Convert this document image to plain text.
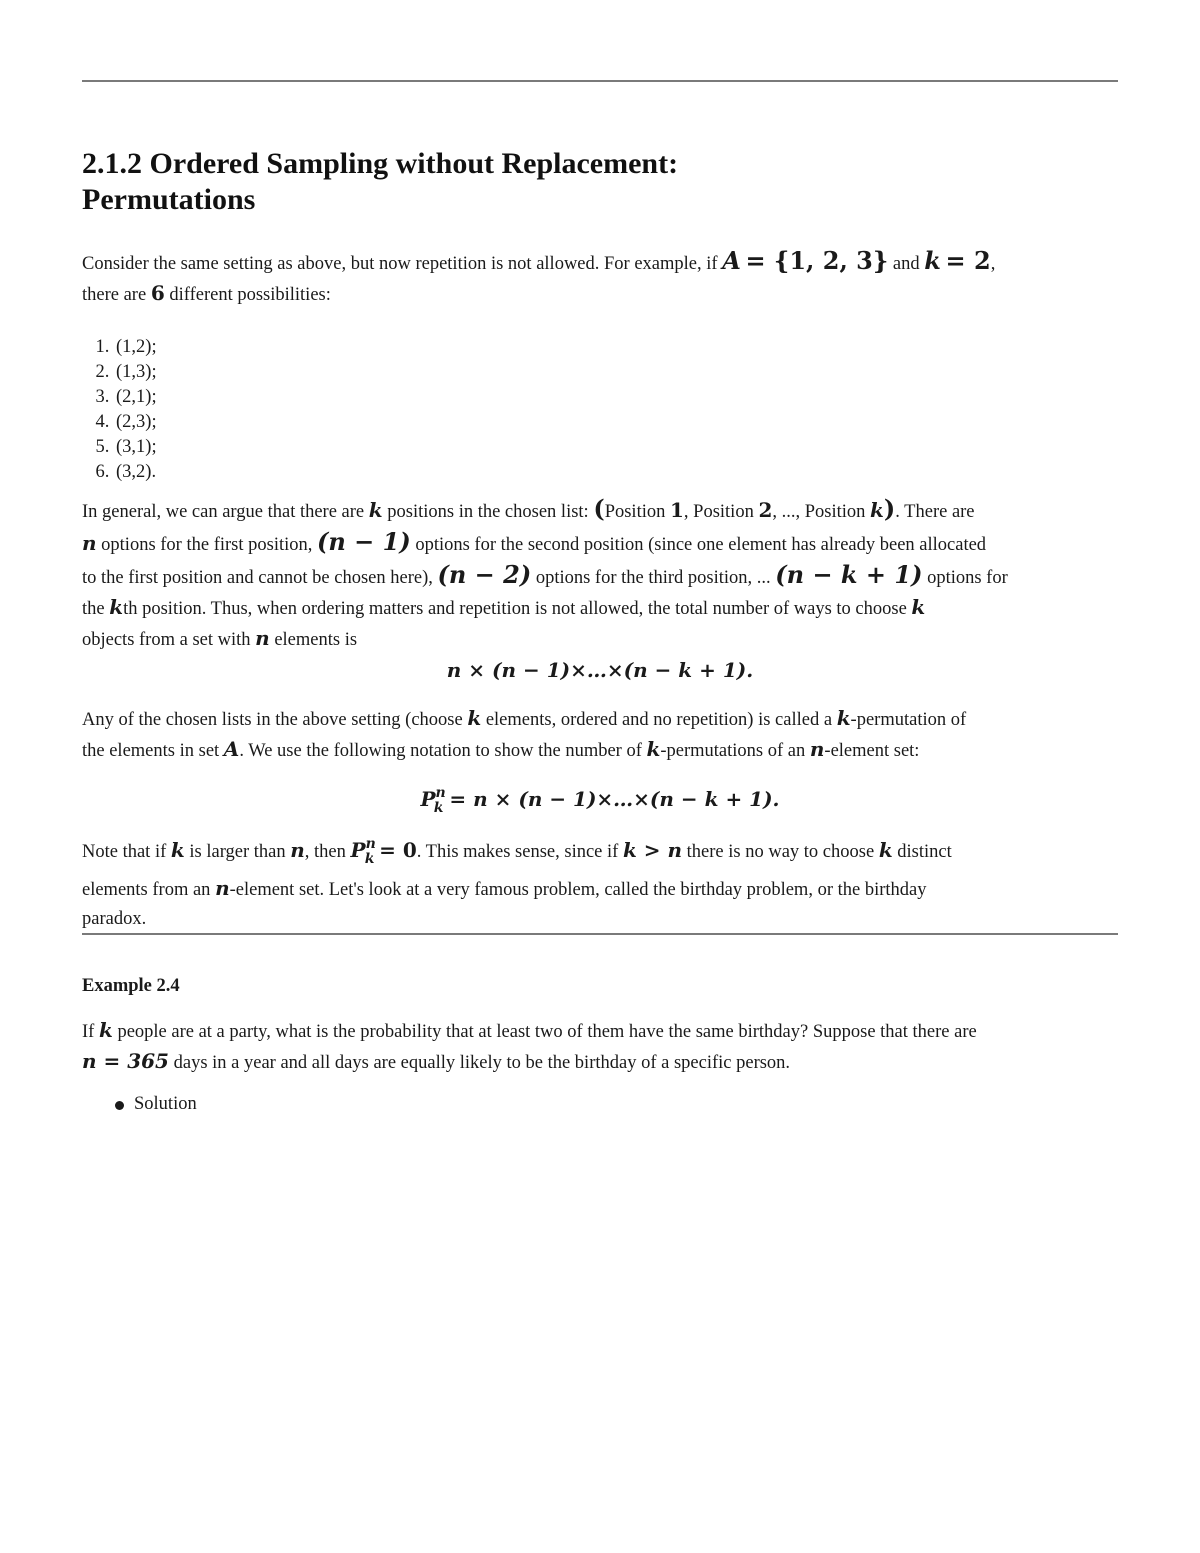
2.1.2 Ordered Sampling without Replacement:
Permutations

Consider the same setting as above, but now repetition is not allowed. For example, if A = {1, 2, 3} and k = 2,
there are 6 different possibilities:

1. (1,2);
2. (1,3);
3. (2,1);
4. (2,3);
5. (3,1);
6. (3,2).

In general, we can argue that there are k positions in the chosen list: (Position 1, Position 2, ..., Position k). There are
n options for the first position, (n − 1) options for the second position (since one element has already been allocated
to the first position and cannot be chosen here), (n − 2) options for the third position, ... (n − k + 1) options for
the kth position. Thus, when ordering matters and repetition is not allowed, the total number of ways to choose k
objects from a set with n elements is

n × (n − 1)×…×(n − k + 1).

Any of the chosen lists in the above setting (choose k elements, ordered and no repetition) is called a k-permutation of
the elements in set A. We use the following notation to show the number of k-permutations of an n-element set:

$P^n_k = n \times (n$ − 1)×…×(n − k + 1).

Note that if k is larger than n, then $P^n_k = 0$. This makes sense, since if k > n there is no way to choose k distinct
elements from an n-element set. Let's look at a very famous problem, called the birthday problem, or the birthday
paradox.

Example 2.4

If k people are at a party, what is the probability that at least two of them have the same birthday? Suppose that there are
n = 365 days in a year and all days are equally likely to be the birthday of a specific person.

Solution
